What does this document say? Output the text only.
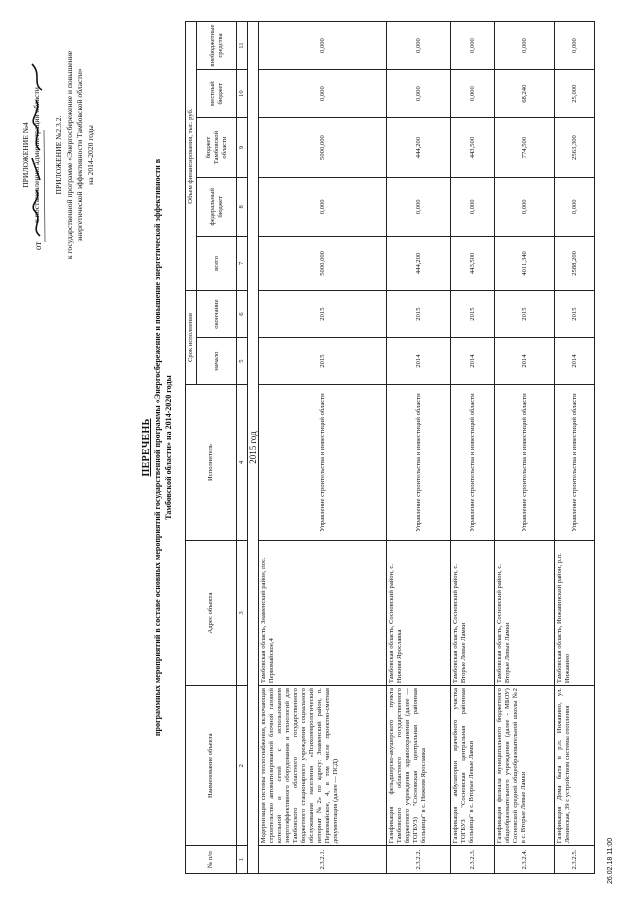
ПРИЛОЖЕНИЕ №4 к постановлению администрации области ПРИЛОЖЕНИЕ №2.3.2. к государственной программе «Энергосбережение и повышение энергетической эффективности Тамбовской области» на 2014-2020 годы
от
ПЕРЕЧЕНЬ программных мероприятий в составе основных мероприятий государственной программы «Энергосбережение и повышение энергетической эффективности в Тамбовской области» на 2014-2020 годы
№ п/п	Наименование объекта	Адрес объекта	Исполнитель	Срок исполнения		Объем финансирования, тыс. руб.				
				начало	окончание	всего	федеральный бюджет	бюджет Тамбовской области	местный бюджет	внебюджетные средства
1	2	3	4	5	6	7	8	9	10	11
2015 год										
2.3.2.1.	Модернизация системы теплоснабжения, включающая строительство автоматизированной блочной газовой котельной и сетей с использованием энергоэффективного оборудования и технологий для Тамбовского областного государственного бюджетного стационарного учреждения социального обслуживания населения «Психоневрологический интернат №2» по адресу: Знаменский район, п. Первомайское, 4, в том числе проектно-сметная документация (далее — ПСД)	Тамбовская область, Знаменский район, пос. Первомайское,4	Управление строительства и инвестиций области	2015	2015	5000,000	0,000	5000,000	0,000	0,000
2.3.2.2.	Газификация фельдшерско-акушерского пункта Тамбовского областного государственного бюджетного учреждения здравоохранения (далее — ТОГБУЗ) "Сосновская центральная районная больница" в с. Нижняя Ярославка	Тамбовская область, Сосновский район, с. Нижняя Ярославка	Управление строительства и инвестиций области	2014	2015	444,200	0,000	444,200	0,000	0,000
2.3.2.3.	Газификация амбулатории врачебного участка ТОГБУЗ "Сосновская центральная районная больница" в с. Вторые Левые Ламки	Тамбовская область, Сосновский район, с. Вторые Левые Ламки	Управление строительства и инвестиций области	2014	2015	443,500	0,000	443,500	0,000	0,000
2.3.2.4.	Газификация филиала муниципального бюджетного общеобразовательного учреждения (далее - МБОУ) Сосновской средней общеобразовательной школы №2 в с. Вторые Левые Ламки	Тамбовская область, Сосновский район, с. Вторые Левые Ламки	Управление строительства и инвестиций области	2014	2015	4011,340	0,000	774,500	68,240	0,000
2.3.2.5.	Газификация Дома быта в р.п. Инжавино, ул. Ленинская, 39 с устройством системы отопления	Тамбовская область, Инжавинский район, р.п. Инжавино	Управление строительства и инвестиций области	2014	2015	2588,200	0,000	2563,300	25,000	0,000
26.02.18 11:00
